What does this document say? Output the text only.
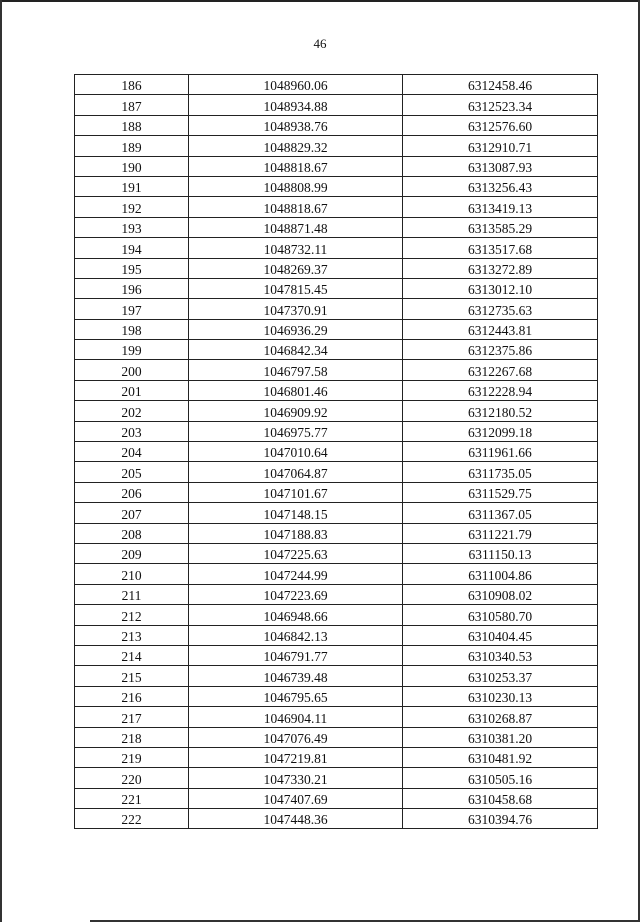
46
186	1048960.06	6312458.46
187	1048934.88	6312523.34
188	1048938.76	6312576.60
189	1048829.32	6312910.71
190	1048818.67	6313087.93
191	1048808.99	6313256.43
192	1048818.67	6313419.13
193	1048871.48	6313585.29
194	1048732.11	6313517.68
195	1048269.37	6313272.89
196	1047815.45	6313012.10
197	1047370.91	6312735.63
198	1046936.29	6312443.81
199	1046842.34	6312375.86
200	1046797.58	6312267.68
201	1046801.46	6312228.94
202	1046909.92	6312180.52
203	1046975.77	6312099.18
204	1047010.64	6311961.66
205	1047064.87	6311735.05
206	1047101.67	6311529.75
207	1047148.15	6311367.05
208	1047188.83	6311221.79
209	1047225.63	6311150.13
210	1047244.99	6311004.86
211	1047223.69	6310908.02
212	1046948.66	6310580.70
213	1046842.13	6310404.45
214	1046791.77	6310340.53
215	1046739.48	6310253.37
216	1046795.65	6310230.13
217	1046904.11	6310268.87
218	1047076.49	6310381.20
219	1047219.81	6310481.92
220	1047330.21	6310505.16
221	1047407.69	6310458.68
222	1047448.36	6310394.76
